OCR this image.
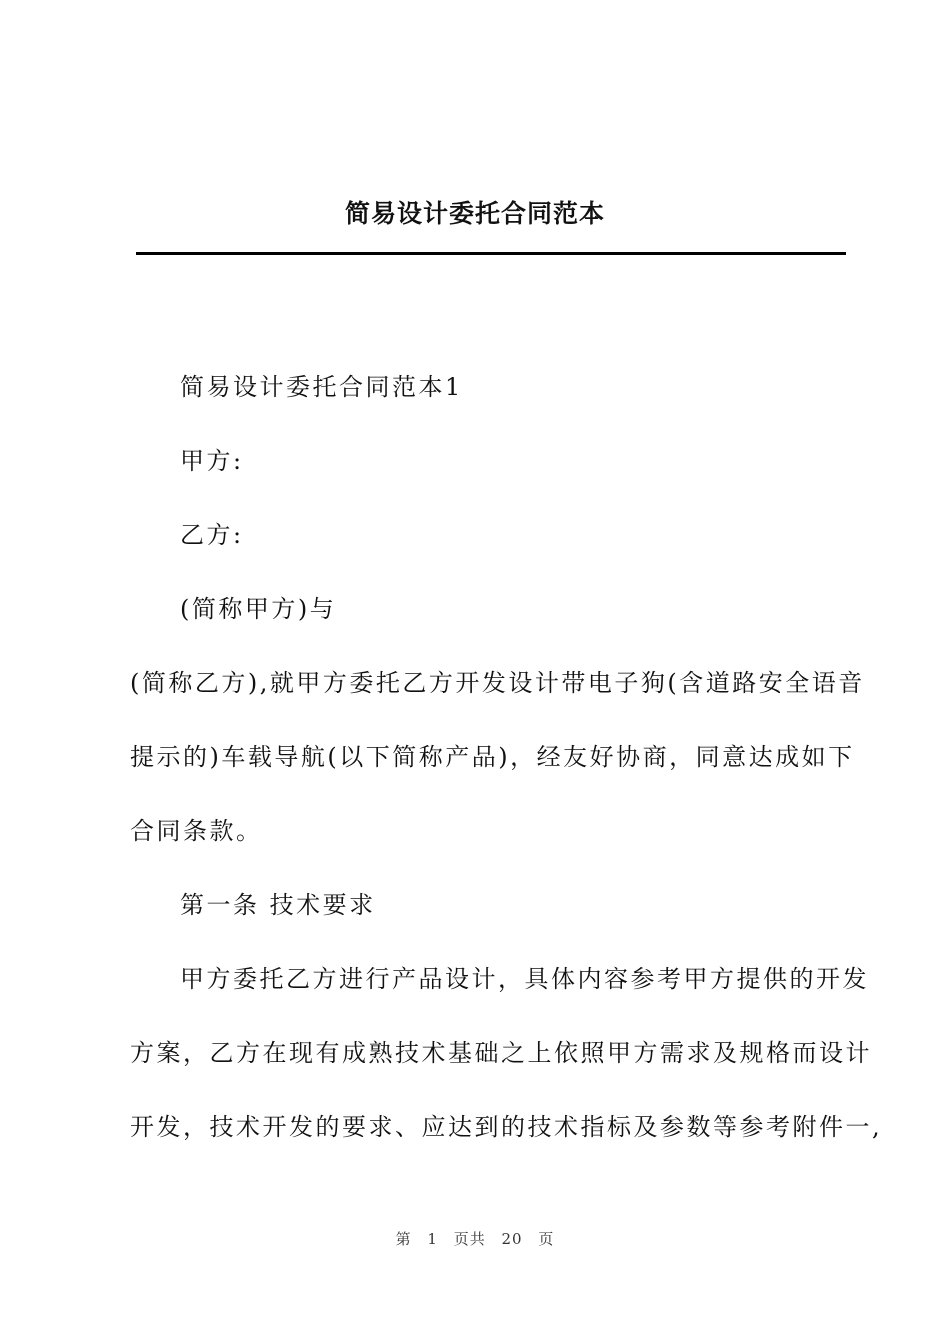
简易设计委托合同范本

简易设计委托合同范本1

甲方:

乙方:

(简称甲方)与

(简称乙方),就甲方委托乙方开发设计带电子狗(含道路安全语音

提示的)车载导航(以下简称产品)，经友好协商，同意达成如下

合同条款。

第一条 技术要求

甲方委托乙方进行产品设计，具体内容参考甲方提供的开发

方案，乙方在现有成熟技术基础之上依照甲方需求及规格而设计

开发，技术开发的要求、应达到的技术指标及参数等参考附件一,

第 1 页共 20 页
